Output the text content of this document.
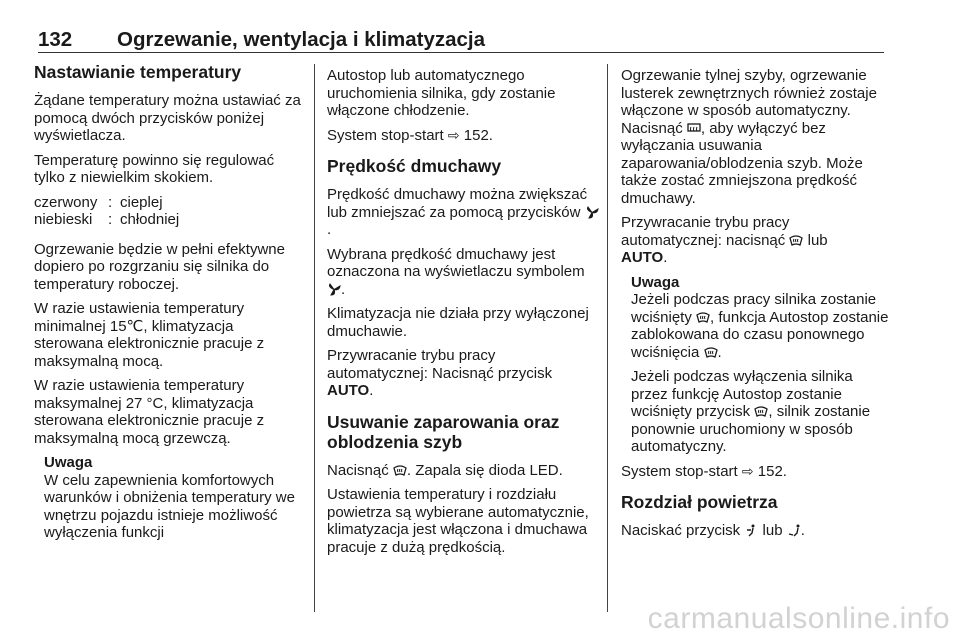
132 Ogrzewanie, wentylacja i klimatyzacja
Nastawianie temperatury

Żądane temperatury można ustawiać za pomocą dwóch przycisków poniżej wyświetlacza.

Temperaturę powinno się regulować tylko z niewielkim skokiem.

czerwony : cieplej
niebieski	: chłodniej

Ogrzewanie będzie w pełni efektywne dopiero po rozgrzaniu się silnika do temperatury roboczej.

W razie ustawienia temperatury minimalnej 15℃, klimatyzacja sterowana elektronicznie pracuje z maksymalną mocą.

W razie ustawienia temperatury maksymalnej 27 °C, klimatyzacja sterowana elektronicznie pracuje z maksymalną mocą grzewczą.

Uwaga
W celu zapewnienia komfortowych warunków i obniżenia temperatury we wnętrzu pojazdu istnieje możliwość wyłączenia funkcji

Autostop lub automatycznego uruchomienia silnika, gdy zostanie włączone chłodzenie.

System stop-start ⇨ 152.

Prędkość dmuchawy

Prędkość dmuchawy można zwiększać lub zmniejszać za pomocą przycisków .

Wybrana prędkość dmuchawy jest oznaczona na wyświetlaczu symbolem .

Klimatyzacja nie działa przy wyłączonej dmuchawie.

Przywracanie trybu pracy automatycznej: Nacisnąć przycisk
AUTO.

Usuwanie zaparowania oraz oblodzenia szyb

Nacisnąć . Zapala się dioda LED.

Ustawienia temperatury i rozdziału powietrza są wybierane automatycznie, klimatyzacja jest włączona i dmuchawa pracuje z dużą prędkością.

Ogrzewanie tylnej szyby, ogrzewanie lusterek zewnętrznych również zostaje włączone w sposób automatyczny. Nacisnąć , aby wyłączyć bez wyłączania usuwania zaparowania/oblodzenia szyb. Może także zostać zmniejszona prędkość dmuchawy.

Przywracanie trybu pracy automatycznej: nacisnąć lub
AUTO.

Uwaga

Jeżeli podczas pracy silnika zostanie wciśnięty , funkcja Autostop zostanie zablokowana do czasu ponownego wciśnięcia .

Jeżeli podczas wyłączenia silnika przez funkcję Autostop zostanie wciśnięty przycisk , silnik zostanie ponownie uruchomiony w sposób automatyczny.

System stop-start ⇨ 152.

Rozdział powietrza

Naciskać przycisk lub .

carmanualsonline.info
